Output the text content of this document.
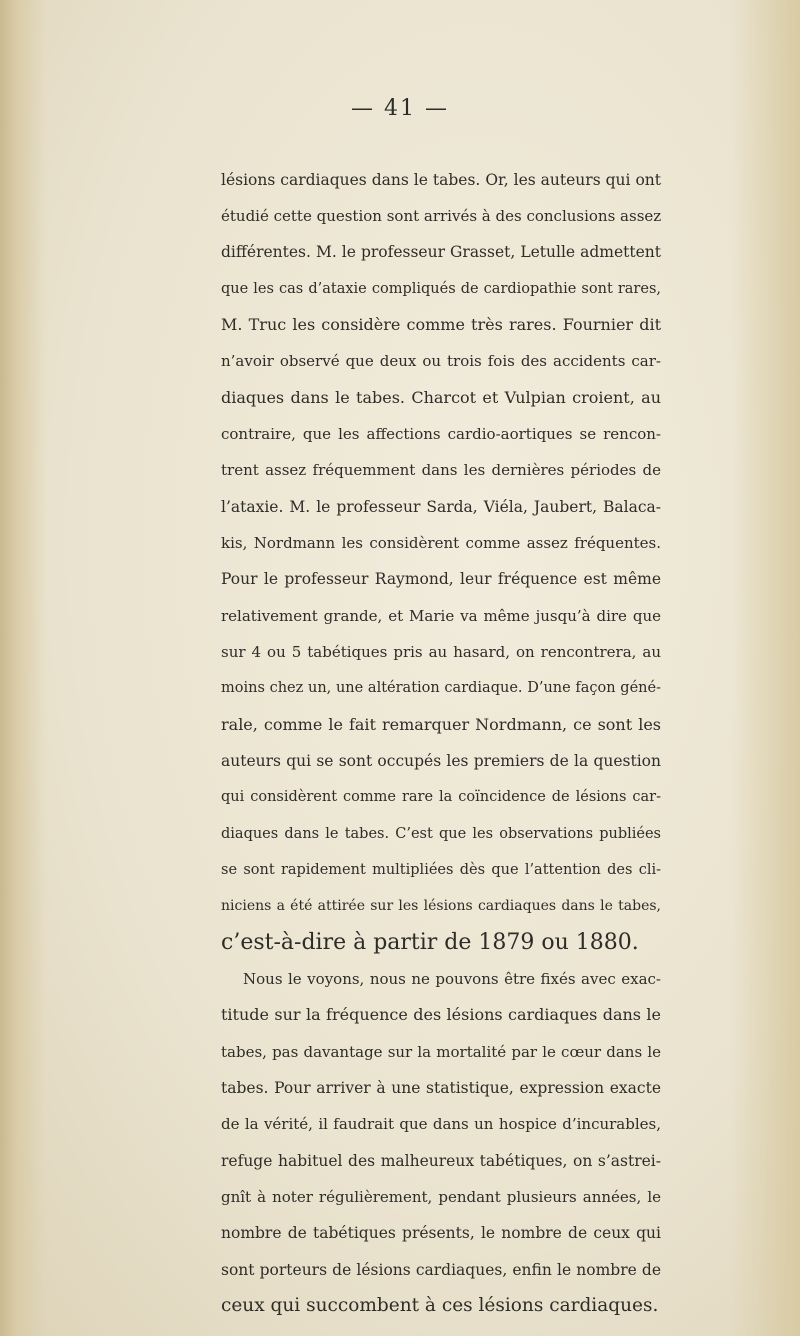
— 41 —
lésions cardiaques dans le tabes. Or, les auteurs qui ont
étudié cette question sont arrivés à des conclusions assez
différentes. M. le professeur Grasset, Letulle admettent
que les cas d’ataxie compliqués de cardiopathie sont rares,
M. Truc les considère comme très rares. Fournier dit
n’avoir observé que deux ou trois fois des accidents car-
diaques dans le tabes. Charcot et Vulpian croient, au
contraire, que les affections cardio-aortiques se rencon-
trent assez fréquemment dans les dernières périodes de
l’ataxie. M. le professeur Sarda, Viéla, Jaubert, Balaca-
kis, Nordmann les considèrent comme assez fréquentes.
Pour le professeur Raymond, leur fréquence est même
relativement grande, et Marie va même jusqu’à dire que
sur 4 ou 5 tabétiques pris au hasard, on rencontrera, au
moins chez un, une altération cardiaque. D’une façon géné-
rale, comme le fait remarquer Nordmann, ce sont les
auteurs qui se sont occupés les premiers de la question
qui considèrent comme rare la coïncidence de lésions car-
diaques dans le tabes. C’est que les observations publiées
se sont rapidement multipliées dès que l’attention des cli-
niciens a été attirée sur les lésions cardiaques dans le tabes,
c’est-à-dire à partir de 1879 ou 1880.
Nous le voyons, nous ne pouvons être fixés avec exac-
titude sur la fréquence des lésions cardiaques dans le
tabes, pas davantage sur la mortalité par le cœur dans le
tabes. Pour arriver à une statistique, expression exacte
de la vérité, il faudrait que dans un hospice d’incurables,
refuge habituel des malheureux tabétiques, on s’astrei-
gnît à noter régulièrement, pendant plusieurs années, le
nombre de tabétiques présents, le nombre de ceux qui
sont porteurs de lésions cardiaques, enfin le nombre de
ceux qui succombent à ces lésions cardiaques.
